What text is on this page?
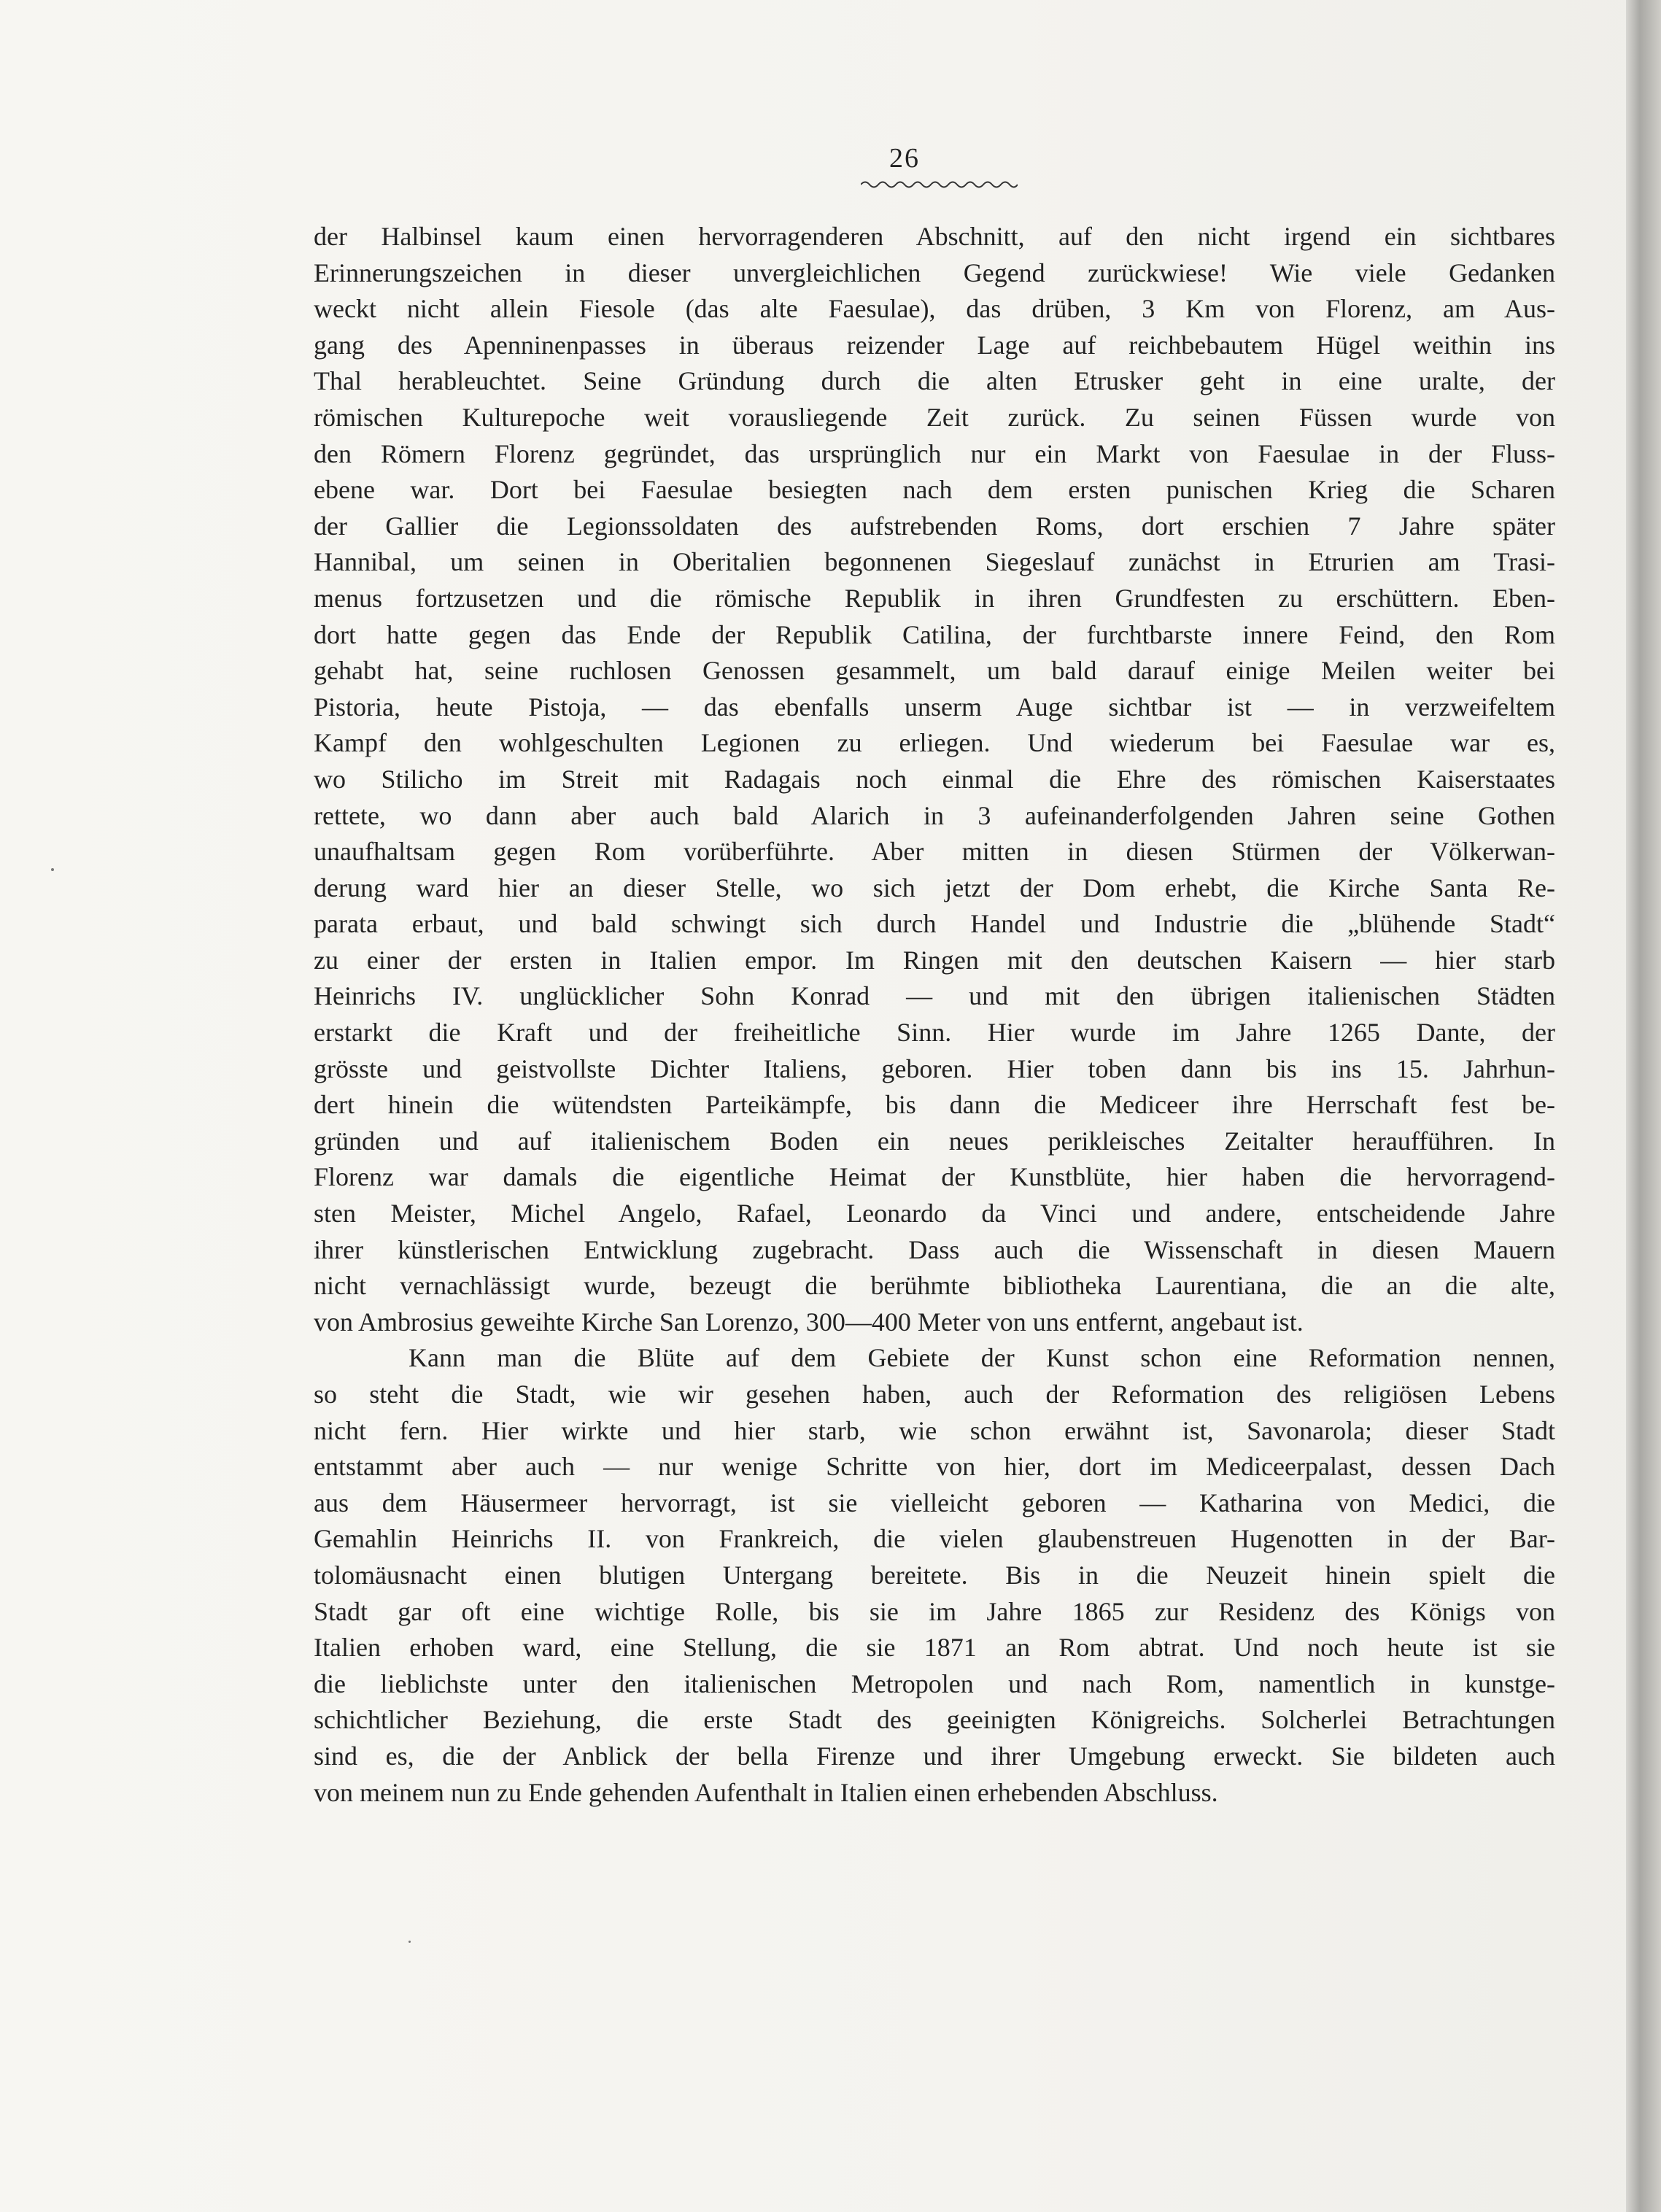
26
der Halbinsel kaum einen hervorragenderen Abschnitt, auf den nicht irgend ein sichtbares
Erinnerungszeichen in dieser unvergleichlichen Gegend zurückwiese! Wie viele Gedanken
weckt nicht allein Fiesole (das alte Faesulae), das drüben, 3 Km von Florenz, am Aus-
gang des Apenninenpasses in überaus reizender Lage auf reichbebautem Hügel weithin ins
Thal herableuchtet. Seine Gründung durch die alten Etrusker geht in eine uralte, der
römischen Kulturepoche weit vorausliegende Zeit zurück. Zu seinen Füssen wurde von
den Römern Florenz gegründet, das ursprünglich nur ein Markt von Faesulae in der Fluss-
ebene war. Dort bei Faesulae besiegten nach dem ersten punischen Krieg die Scharen
der Gallier die Legionssoldaten des aufstrebenden Roms, dort erschien 7 Jahre später
Hannibal, um seinen in Oberitalien begonnenen Siegeslauf zunächst in Etrurien am Trasi-
menus fortzusetzen und die römische Republik in ihren Grundfesten zu erschüttern. Eben-
dort hatte gegen das Ende der Republik Catilina, der furchtbarste innere Feind, den Rom
gehabt hat, seine ruchlosen Genossen gesammelt, um bald darauf einige Meilen weiter bei
Pistoria, heute Pistoja, — das ebenfalls unserm Auge sichtbar ist — in verzweifeltem
Kampf den wohlgeschulten Legionen zu erliegen. Und wiederum bei Faesulae war es,
wo Stilicho im Streit mit Radagais noch einmal die Ehre des römischen Kaiserstaates
rettete, wo dann aber auch bald Alarich in 3 aufeinanderfolgenden Jahren seine Gothen
unaufhaltsam gegen Rom vorüberführte. Aber mitten in diesen Stürmen der Völkerwan-
derung ward hier an dieser Stelle, wo sich jetzt der Dom erhebt, die Kirche Santa Re-
parata erbaut, und bald schwingt sich durch Handel und Industrie die „blühende Stadt“
zu einer der ersten in Italien empor. Im Ringen mit den deutschen Kaisern — hier starb
Heinrichs IV. unglücklicher Sohn Konrad — und mit den übrigen italienischen Städten
erstarkt die Kraft und der freiheitliche Sinn. Hier wurde im Jahre 1265 Dante, der
grösste und geistvollste Dichter Italiens, geboren. Hier toben dann bis ins 15. Jahrhun-
dert hinein die wütendsten Parteikämpfe, bis dann die Mediceer ihre Herrschaft fest be-
gründen und auf italienischem Boden ein neues perikleisches Zeitalter heraufführen. In
Florenz war damals die eigentliche Heimat der Kunstblüte, hier haben die hervorragend-
sten Meister, Michel Angelo, Rafael, Leonardo da Vinci und andere, entscheidende Jahre
ihrer künstlerischen Entwicklung zugebracht. Dass auch die Wissenschaft in diesen Mauern
nicht vernachlässigt wurde, bezeugt die berühmte bibliotheka Laurentiana, die an die alte,
von Ambrosius geweihte Kirche San Lorenzo, 300—400 Meter von uns entfernt, angebaut ist.
Kann man die Blüte auf dem Gebiete der Kunst schon eine Reformation nennen,
so steht die Stadt, wie wir gesehen haben, auch der Reformation des religiösen Lebens
nicht fern. Hier wirkte und hier starb, wie schon erwähnt ist, Savonarola; dieser Stadt
entstammt aber auch — nur wenige Schritte von hier, dort im Mediceerpalast, dessen Dach
aus dem Häusermeer hervorragt, ist sie vielleicht geboren — Katharina von Medici, die
Gemahlin Heinrichs II. von Frankreich, die vielen glaubenstreuen Hugenotten in der Bar-
tolomäusnacht einen blutigen Untergang bereitete. Bis in die Neuzeit hinein spielt die
Stadt gar oft eine wichtige Rolle, bis sie im Jahre 1865 zur Residenz des Königs von
Italien erhoben ward, eine Stellung, die sie 1871 an Rom abtrat. Und noch heute ist sie
die lieblichste unter den italienischen Metropolen und nach Rom, namentlich in kunstge-
schichtlicher Beziehung, die erste Stadt des geeinigten Königreichs. Solcherlei Betrachtungen
sind es, die der Anblick der bella Firenze und ihrer Umgebung erweckt. Sie bildeten auch
von meinem nun zu Ende gehenden Aufenthalt in Italien einen erhebenden Abschluss.
